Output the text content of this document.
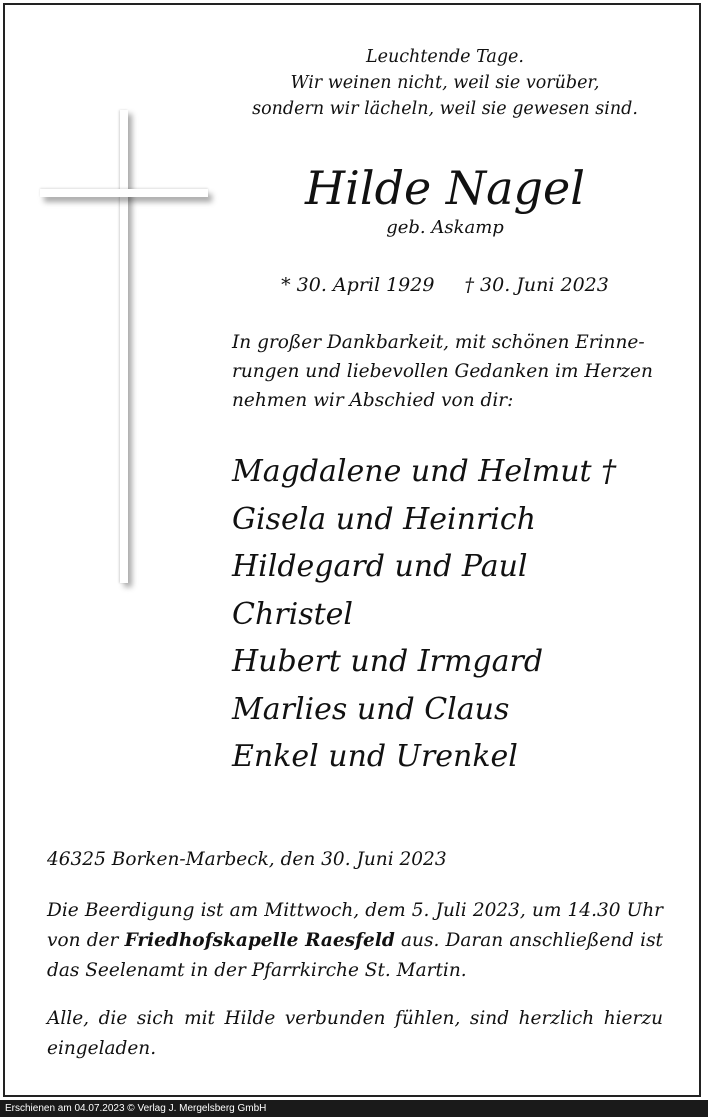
Leuchtende Tage.
Wir weinen nicht, weil sie vorüber,
sondern wir lächeln, weil sie gewesen sind.
Hilde Nagel
geb. Askamp
* 30. April 1929 † 30. Juni 2023
In großer Dankbarkeit, mit schönen Erinne-
rungen und liebevollen Gedanken im Herzen
nehmen wir Abschied von dir:
Magdalene und Helmut †
Gisela und Heinrich
Hildegard und Paul
Christel
Hubert und Irmgard
Marlies und Claus
Enkel und Urenkel
46325 Borken-Marbeck, den 30. Juni 2023
Die Beerdigung ist am Mittwoch, dem 5. Juli 2023, um 14.30 Uhr
von der Friedhofskapelle Raesfeld aus. Daran anschließend ist
das Seelenamt in der Pfarrkirche St. Martin.
Alle, die sich mit Hilde verbunden fühlen, sind herzlich hierzu
eingeladen.
Erschienen am 04.07.2023 © Verlag J. Mergelsberg GmbH
